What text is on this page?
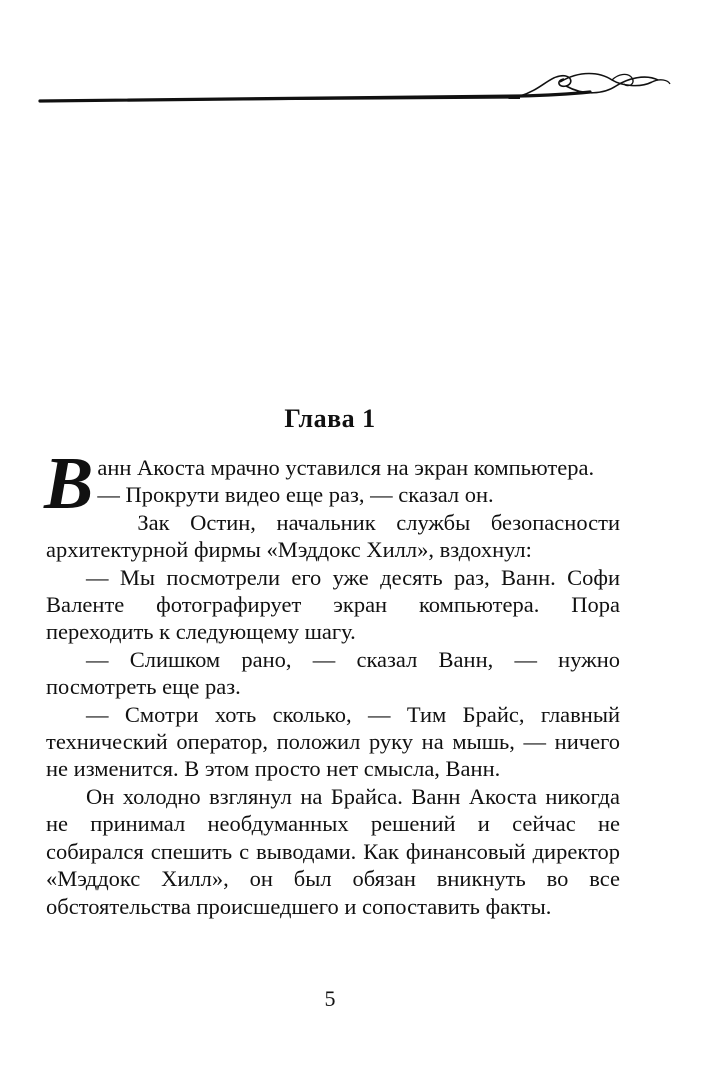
Глава 1

Ванн Акоста мрачно уставился на экран компьютера.

— Прокрути видео еще раз, — сказал он.

Зак Остин, начальник службы безопасности архитектурной фирмы «Мэддокс Хилл», вздохнул:

— Мы посмотрели его уже десять раз, Ванн. Софи Валенте фотографирует экран компьютера. Пора переходить к следующему шагу.

— Слишком рано, — сказал Ванн, — нужно посмотреть еще раз.

— Смотри хоть сколько, — Тим Брайс, главный технический оператор, положил руку на мышь, — ничего не изменится. В этом просто нет смысла, Ванн.

Он холодно взглянул на Брайса. Ванн Акоста никогда не принимал необдуманных решений и сейчас не собирался спешить с выводами. Как финансовый директор «Мэддокс Хилл», он был обязан вникнуть во все обстоятельства происшедшего и сопоставить факты.

5
